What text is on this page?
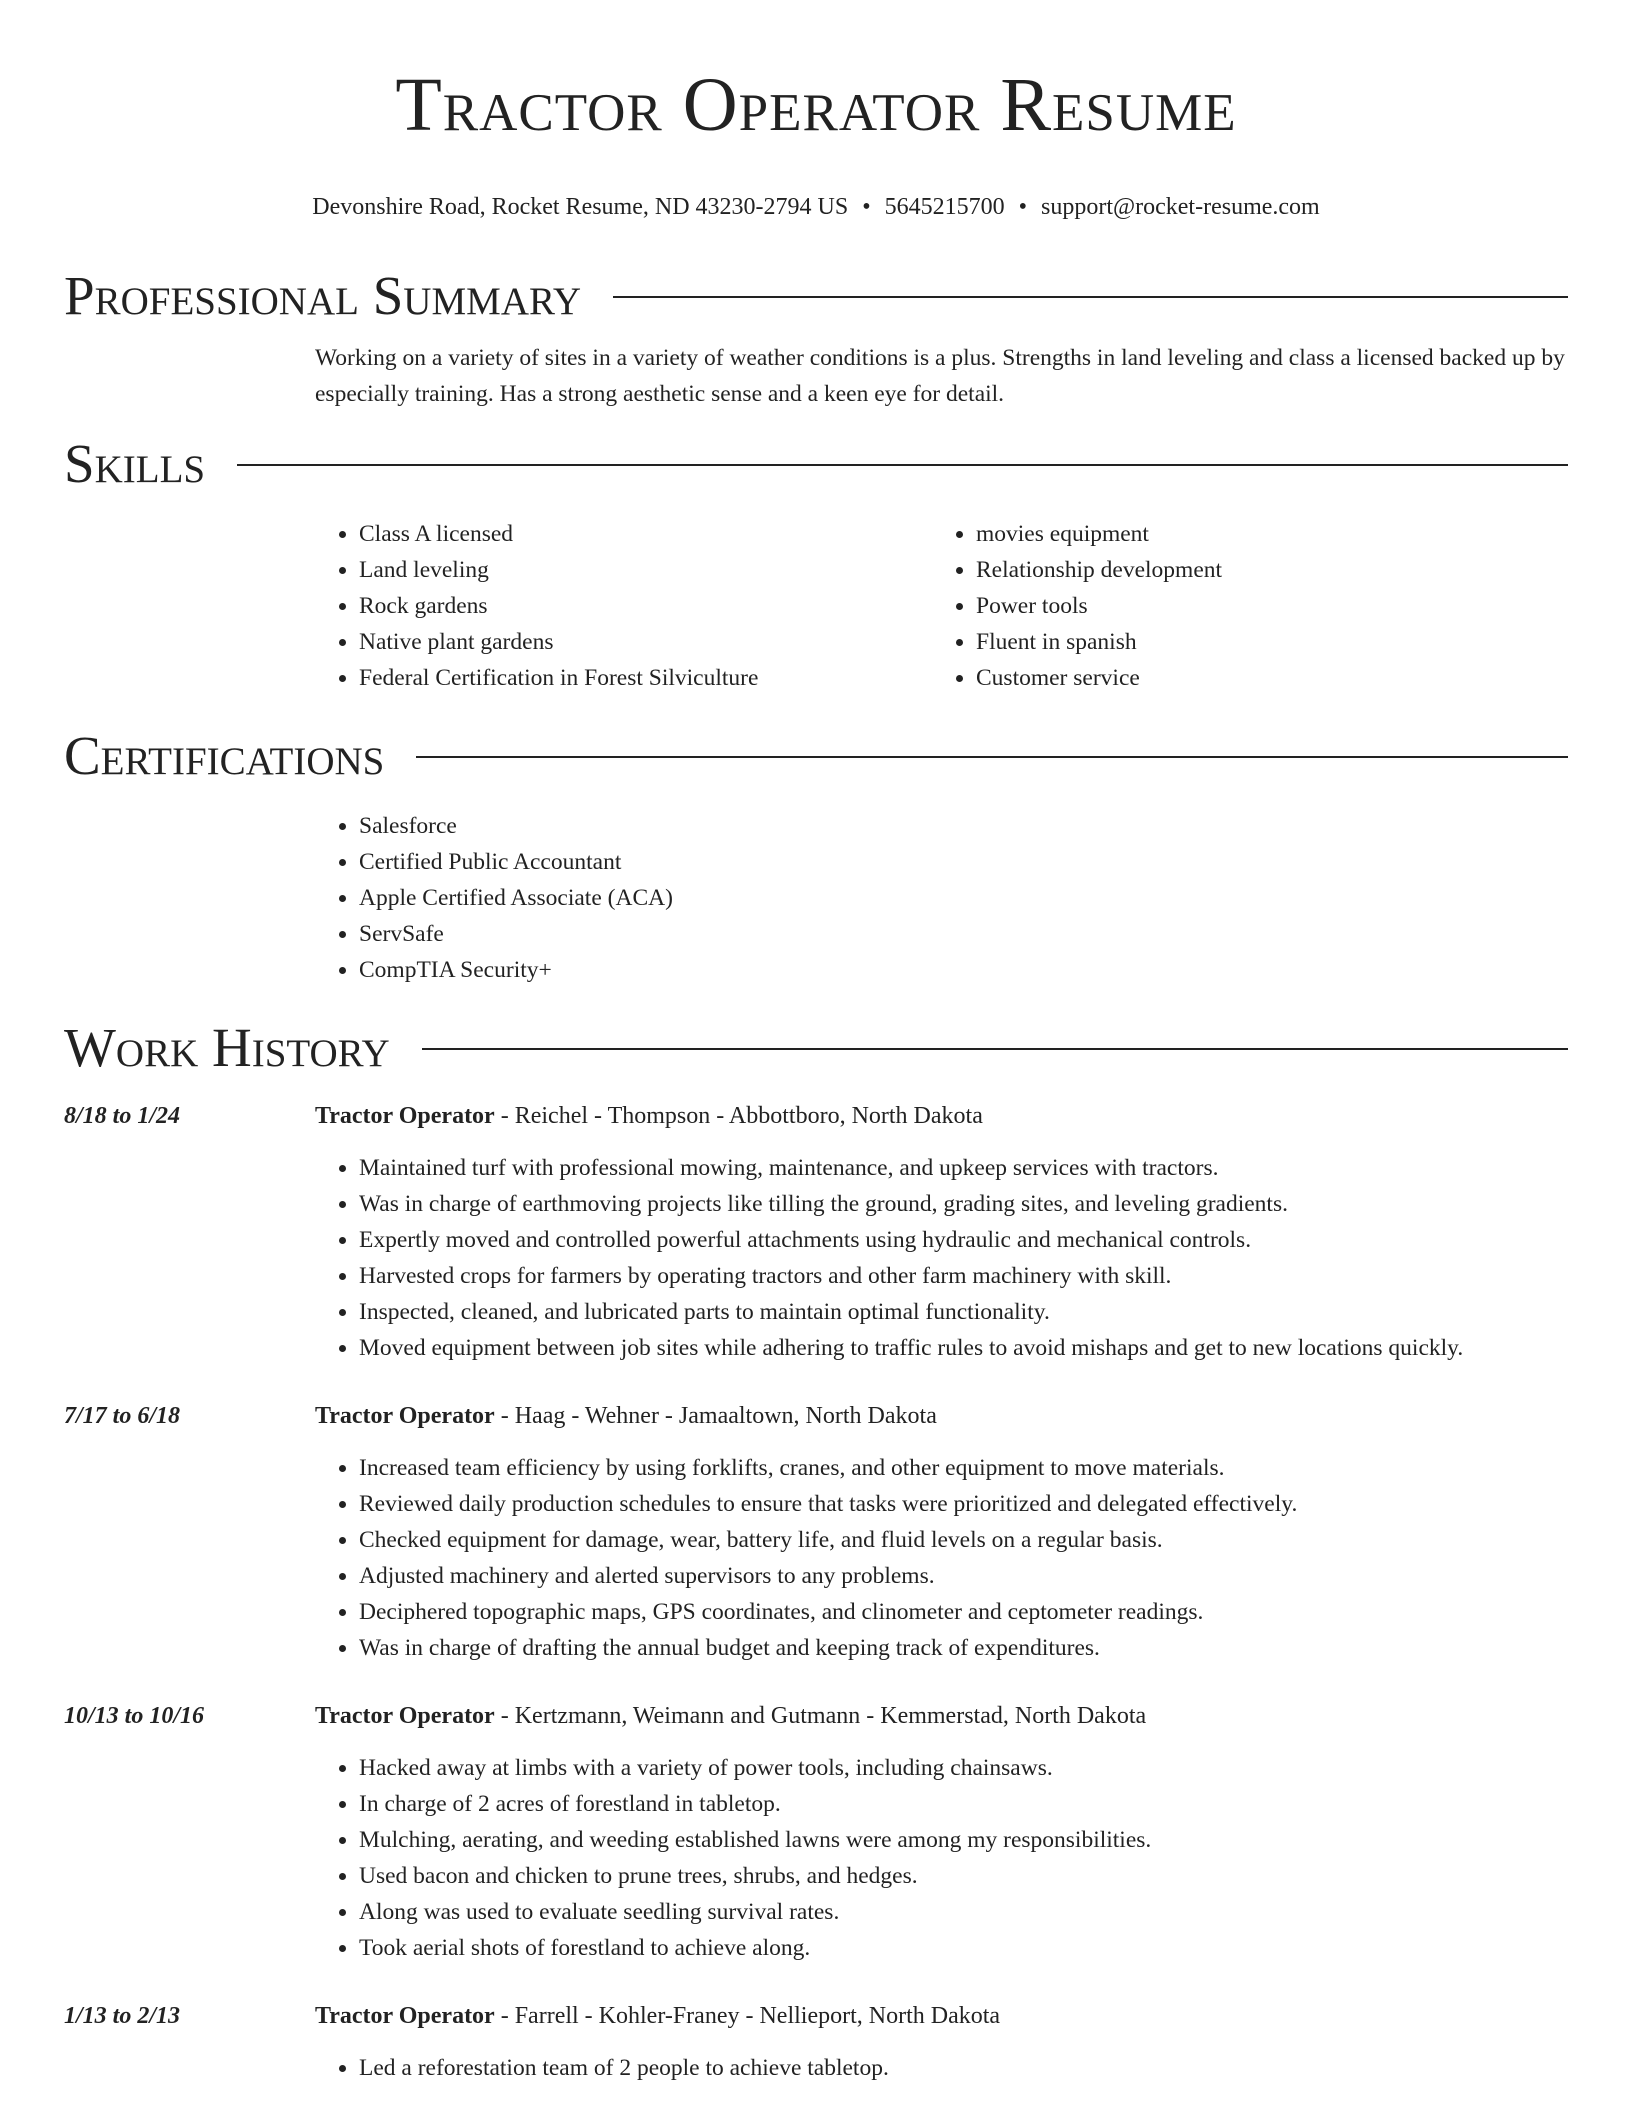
Tractor Operator Resume
Devonshire Road, Rocket Resume, ND 43230-2794 US • 5645215700 • support@rocket-resume.com
Professional Summary
Working on a variety of sites in a variety of weather conditions is a plus. Strengths in land leveling and class a licensed backed up by especially training. Has a strong aesthetic sense and a keen eye for detail.
Skills
• Class A licensed
• Land leveling
• Rock gardens
• Native plant gardens
• Federal Certification in Forest Silviculture
• movies equipment
• Relationship development
• Power tools
• Fluent in spanish
• Customer service
Certifications
• Salesforce
• Certified Public Accountant
• Apple Certified Associate (ACA)
• ServSafe
• CompTIA Security+
Work History
8/18 to 1/24	Tractor Operator - Reichel - Thompson - Abbottboro, North Dakota
• Maintained turf with professional mowing, maintenance, and upkeep services with tractors.
• Was in charge of earthmoving projects like tilling the ground, grading sites, and leveling gradients.
• Expertly moved and controlled powerful attachments using hydraulic and mechanical controls.
• Harvested crops for farmers by operating tractors and other farm machinery with skill.
• Inspected, cleaned, and lubricated parts to maintain optimal functionality.
• Moved equipment between job sites while adhering to traffic rules to avoid mishaps and get to new locations quickly.
7/17 to 6/18	Tractor Operator - Haag - Wehner - Jamaaltown, North Dakota
• Increased team efficiency by using forklifts, cranes, and other equipment to move materials.
• Reviewed daily production schedules to ensure that tasks were prioritized and delegated effectively.
• Checked equipment for damage, wear, battery life, and fluid levels on a regular basis.
• Adjusted machinery and alerted supervisors to any problems.
• Deciphered topographic maps, GPS coordinates, and clinometer and ceptometer readings.
• Was in charge of drafting the annual budget and keeping track of expenditures.
10/13 to 10/16	Tractor Operator - Kertzmann, Weimann and Gutmann - Kemmerstad, North Dakota
• Hacked away at limbs with a variety of power tools, including chainsaws.
• In charge of 2 acres of forestland in tabletop.
• Mulching, aerating, and weeding established lawns were among my responsibilities.
• Used bacon and chicken to prune trees, shrubs, and hedges.
• Along was used to evaluate seedling survival rates.
• Took aerial shots of forestland to achieve along.
1/13 to 2/13	Tractor Operator - Farrell - Kohler-Franey - Nellieport, North Dakota
• Led a reforestation team of 2 people to achieve tabletop.
